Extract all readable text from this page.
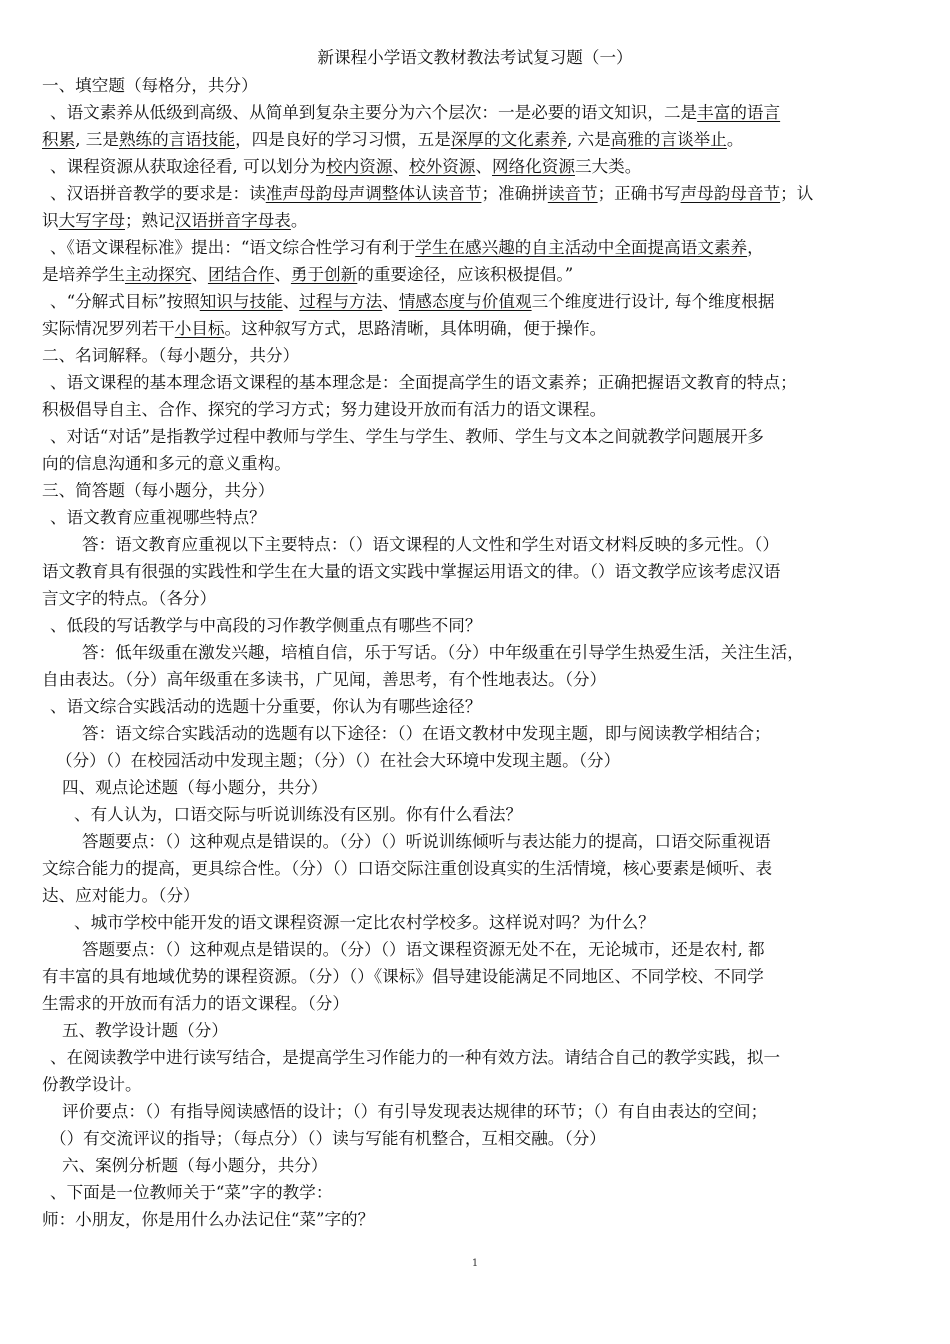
新课程小学语文教材教法考试复习题（一）
一、填空题（每格分，共分）
、语文素养从低级到高级、从简单到复杂主要分为六个层次：一是必要的语文知识，二是丰富的语言
积累, 三是熟练的言语技能，四是良好的学习习惯，五是深厚的文化素养, 六是高雅的言谈举止。
、课程资源从获取途径看, 可以划分为校内资源、校外资源、网络化资源三大类。
、汉语拼音教学的要求是：读准声母韵母声调整体认读音节；准确拼读音节；正确书写声母韵母音节；认
识大写字母；熟记汉语拼音字母表。
、《语文课程标准》提出：“语文综合性学习有利于学生在感兴趣的自主活动中全面提高语文素养，
是培养学生主动探究、团结合作、勇于创新的重要途径，应该积极提倡。”
、“分解式目标”按照知识与技能、过程与方法、情感态度与价值观三个维度进行设计, 每个维度根据
实际情况罗列若干小目标。这种叙写方式，思路清晰，具体明确，便于操作。
二、名词解释。（每小题分，共分）
、语文课程的基本理念语文课程的基本理念是：全面提高学生的语文素养；正确把握语文教育的特点；
积极倡导自主、合作、探究的学习方式；努力建设开放而有活力的语文课程。
、对话“对话”是指教学过程中教师与学生、学生与学生、教师、学生与文本之间就教学问题展开多
向的信息沟通和多元的意义重构。
三、简答题（每小题分，共分）
、语文教育应重视哪些特点？
答：语文教育应重视以下主要特点：（）语文课程的人文性和学生对语文材料反映的多元性。（）
语文教育具有很强的实践性和学生在大量的语文实践中掌握运用语文的律。（）语文教学应该考虑汉语
言文字的特点。（各分）
、低段的写话教学与中高段的习作教学侧重点有哪些不同？
答：低年级重在激发兴趣，培植自信，乐于写话。（分）中年级重在引导学生热爱生活，关注生活，
自由表达。（分）高年级重在多读书，广见闻，善思考，有个性地表达。（分）
、语文综合实践活动的选题十分重要，你认为有哪些途径？
答：语文综合实践活动的选题有以下途径：（）在语文教材中发现主题，即与阅读教学相结合；
（分）（）在校园活动中发现主题；（分）（）在社会大环境中发现主题。（分）
四、观点论述题（每小题分，共分）
、有人认为，口语交际与听说训练没有区别。你有什么看法？
答题要点：（）这种观点是错误的。（分）（）听说训练倾听与表达能力的提高，口语交际重视语
文综合能力的提高，更具综合性。（分）（）口语交际注重创设真实的生活情境，核心要素是倾听、表
达、应对能力。（分）
、城市学校中能开发的语文课程资源一定比农村学校多。这样说对吗？为什么？
答题要点：（）这种观点是错误的。（分）（）语文课程资源无处不在，无论城市，还是农村, 都
有丰富的具有地域优势的课程资源。（分）（）《课标》倡导建设能满足不同地区、不同学校、不同学
生需求的开放而有活力的语文课程。（分）
五、教学设计题（分）
、在阅读教学中进行读写结合，是提高学生习作能力的一种有效方法。请结合自己的教学实践，拟一
份教学设计。
评价要点：（）有指导阅读感悟的设计；（）有引导发现表达规律的环节；（）有自由表达的空间；
（）有交流评议的指导；（每点分）（）读与写能有机整合，互相交融。（分）
六、案例分析题（每小题分，共分）
、下面是一位教师关于“菜”字的教学：
师：小朋友，你是用什么办法记住“菜”字的？
1
